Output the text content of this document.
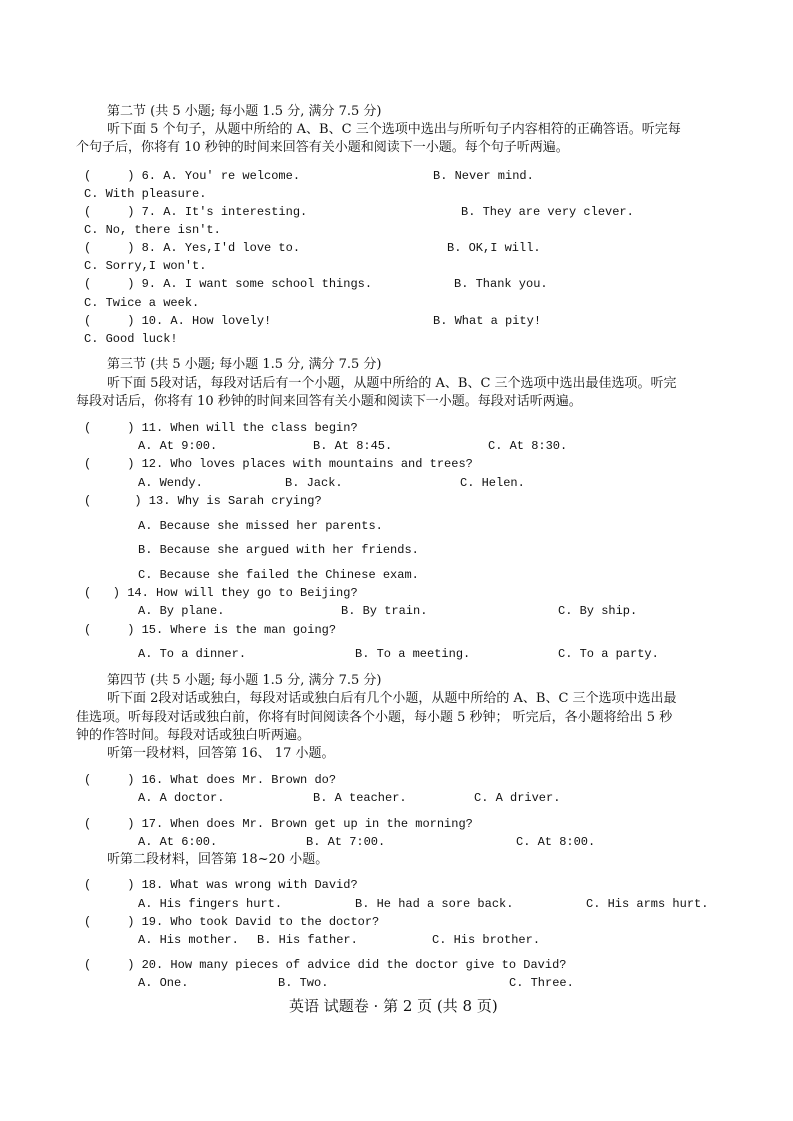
第二节 (共 5 小题; 每小题 1.5 分, 满分 7.5 分)
听下面 5 个句子，从题中所给的 A、B、C 三个选项中选出与所听句子内容相符的正确答语。听完每
个句子后，你将有 10 秒钟的时间来回答有关小题和阅读下一小题。每个句子听两遍。
(     ) 6. A. You' re welcome.	B. Never mind.
C. With pleasure.
(     ) 7. A. It's interesting.	B. They are very clever.
C. No, there isn't.
(     ) 8. A. Yes,I'd love to.	B. OK,I will.
C. Sorry,I won't.
(     ) 9. A. I want some school things.	B. Thank you.
C. Twice a week.
(     ) 10. A. How lovely!	B. What a pity!
C. Good luck!
第三节 (共 5 小题; 每小题 1.5 分, 满分 7.5 分)
听下面 5段对话，每段对话后有一个小题，从题中所给的 A、B、C 三个选项中选出最佳选项。听完
每段对话后，你将有 10 秒钟的时间来回答有关小题和阅读下一小题。每段对话听两遍。
(     ) 11. When will the class begin?
A. At 9:00.	B. At 8:45.	C. At 8:30.
(     ) 12. Who loves places with mountains and trees?
A. Wendy.	B. Jack.	C. Helen.
(      ) 13. Why is Sarah crying?
A. Because she missed her parents.
B. Because she argued with her friends.
C. Because she failed the Chinese exam.
(   ) 14. How will they go to Beijing?
A. By plane.	B. By train.	C. By ship.
(     ) 15. Where is the man going?
A. To a dinner.	B. To a meeting.	C. To a party.
第四节 (共 5 小题; 每小题 1.5 分, 满分 7.5 分)
听下面 2段对话或独白，每段对话或独白后有几个小题，从题中所给的 A、B、C 三个选项中选出最
佳选项。听每段对话或独白前，你将有时间阅读各个小题，每小题 5 秒钟； 听完后，各小题将给出 5 秒
钟的作答时间。每段对话或独白听两遍。
听第一段材料，回答第 16、 17 小题。
(     ) 16. What does Mr. Brown do?
A. A doctor.	B. A teacher.	C. A driver.
(     ) 17. When does Mr. Brown get up in the morning?
A. At 6:00.	B. At 7:00.	C. At 8:00.
听第二段材料，回答第 18~20 小题。
(     ) 18. What was wrong with David?
A. His fingers hurt.	B. He had a sore back.	C. His arms hurt.
(     ) 19. Who took David to the doctor?
A. His mother. B. His father.	C. His brother.
(     ) 20. How many pieces of advice did the doctor give to David?
A. One.	B. Two.	C. Three.
英语 试题卷 · 第 2 页 (共 8 页)
